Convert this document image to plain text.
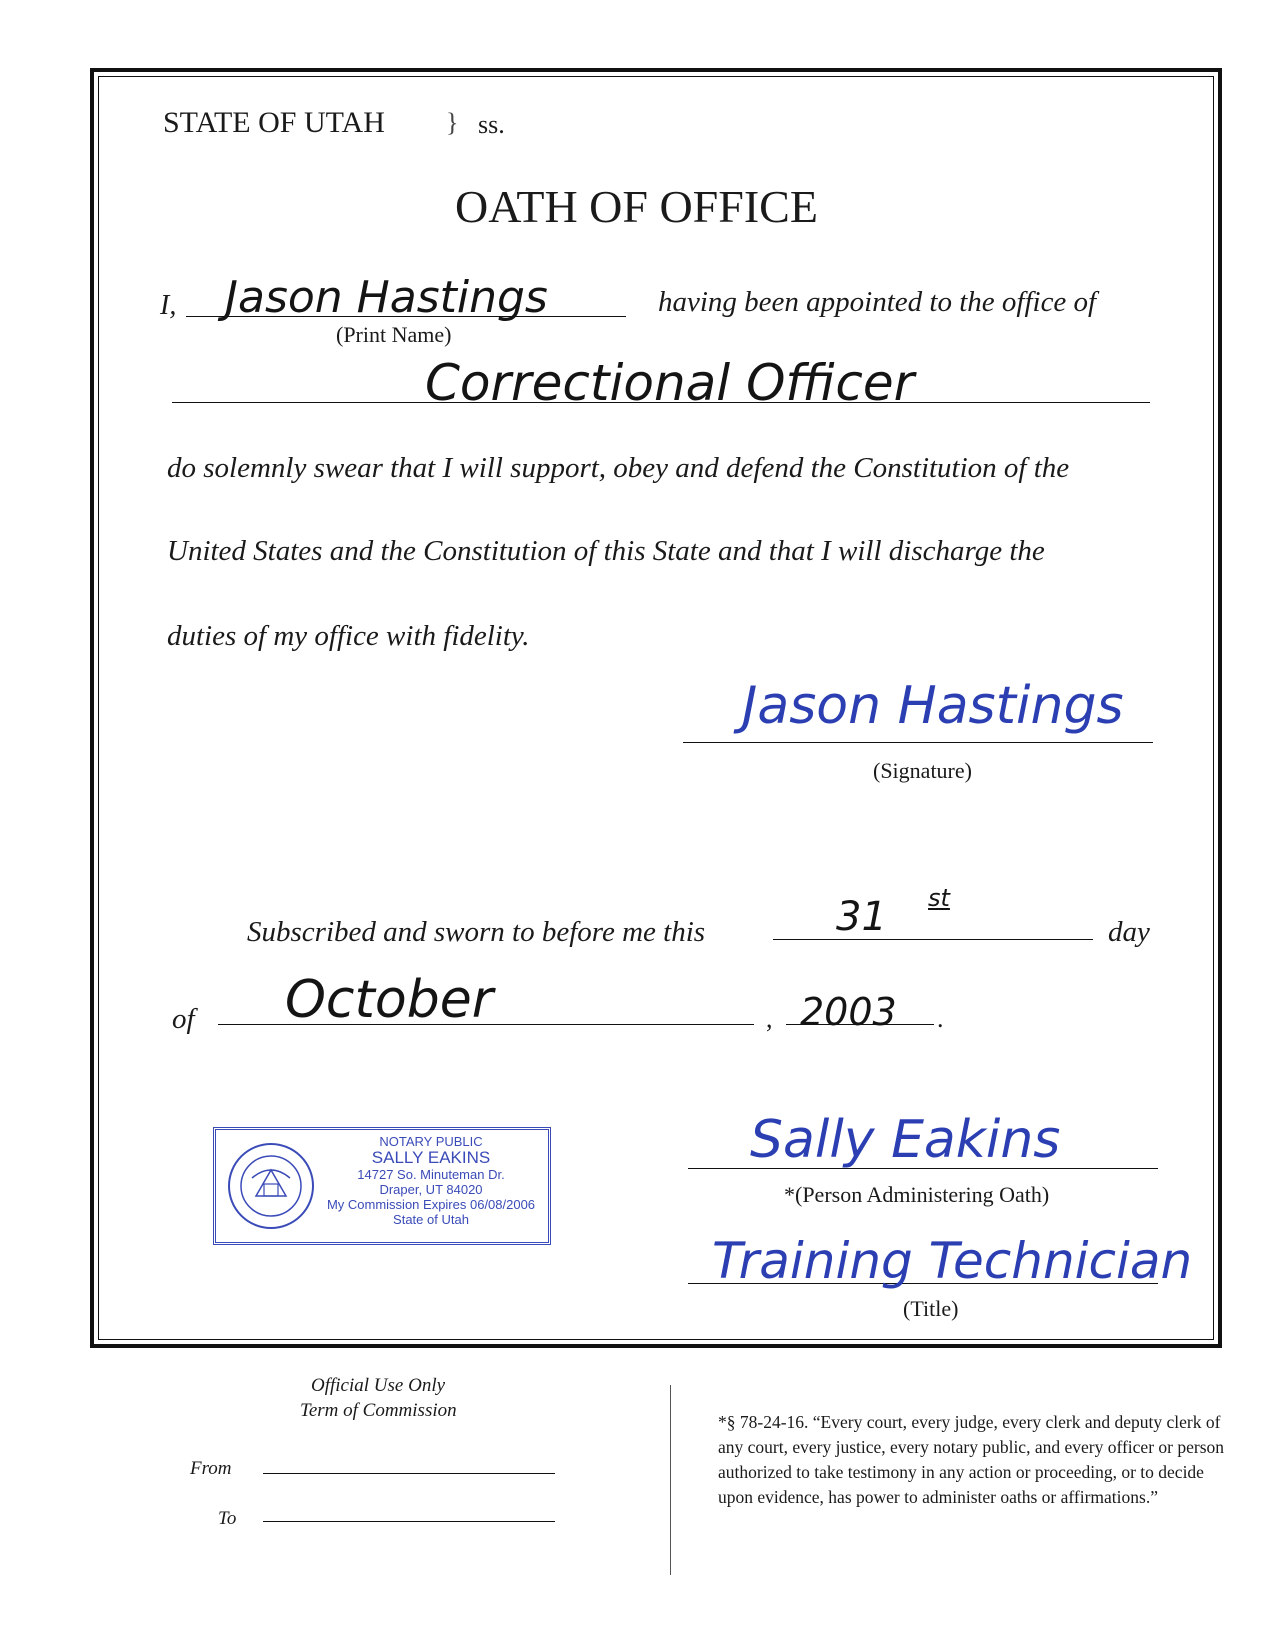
STATE OF UTAH } ss.
OATH OF OFFICE
I, Jason Hastings
(Print Name)
having been appointed to the office of
Correctional Officer
do solemnly swear that I will support, obey and defend the Constitution of the
United States and the Constitution of this State and that I will discharge the
duties of my office with fidelity.
Jason Hastings
(Signature)
Subscribed and sworn to before me this	31 st
day
of October	, 2003 .
NOTARY PUBLIC
SALLY EAKINS
14727 So. Minuteman Dr.
Draper, UT 84020
My Commission Expires 06/08/2006
State of Utah
Sally Eakins
*(Person Administering Oath)
Training Technician
(Title)
Official Use Only
Term of Commission
From
To
*§ 78-24-16. “Every court, every judge, every clerk and deputy clerk of any court, every justice, every notary public, and every officer or person authorized to take testimony in any action or proceeding, or to decide upon evidence, has power to administer oaths or affirmations.”
